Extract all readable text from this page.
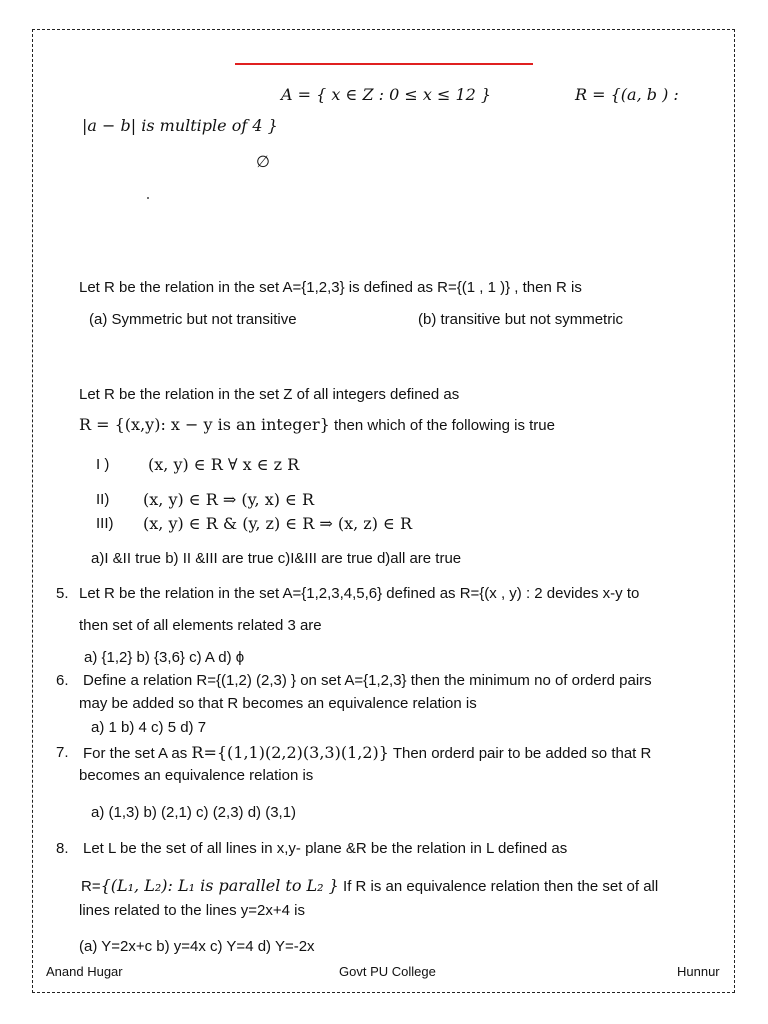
A = { x ∈ Z : 0 ≤ x ≤ 12 }	R = {(a, b ) :
|a − b| is multiple of 4 }
∅
Let R be the relation in the set A={1,2,3} is defined as R={(1 , 1 )} , then R is
(a) Symmetric but not transitive	(b) transitive but not symmetric
Let R be the relation in the set Z of all integers defined as
R = {(x,y): x − y is an integer} then which of the following is true
I ) (x, y) ∈ R ∀ x ∈ z R
II) (x, y) ∈ R ⇒ (y, x) ∈ R
III) (x, y) ∈ R & (y, z) ∈ R ⇒ (x, z) ∈ R
a)I &II true b) II &III are true c)I&III are true d)all are true
5. Let R be the relation in the set A={1,2,3,4,5,6} defined as R={(x , y) : 2 devides x-y to
then set of all elements related 3 are
a) {1,2} b) {3,6} c) A d) ϕ
6. Define a relation R={(1,2) (2,3) } on set A={1,2,3} then the minimum no of orderd pairs
may be added so that R becomes an equivalence relation is
a) 1 b) 4 c) 5 d) 7
7. For the set A as R={(1,1)(2,2)(3,3)(1,2)} Then orderd pair to be added so that R
becomes an equivalence relation is
a) (1,3) b) (2,1) c) (2,3) d) (3,1)
8. Let L be the set of all lines in x,y- plane &R be the relation in L defined as
R={(L₁, L₂): L₁ is parallel to L₂ } If R is an equivalence relation then the set of all
lines related to the lines y=2x+4 is
(a) Y=2x+c b) y=4x c) Y=4 d) Y=-2x
Anand Hugar	Govt PU College	Hunnur
